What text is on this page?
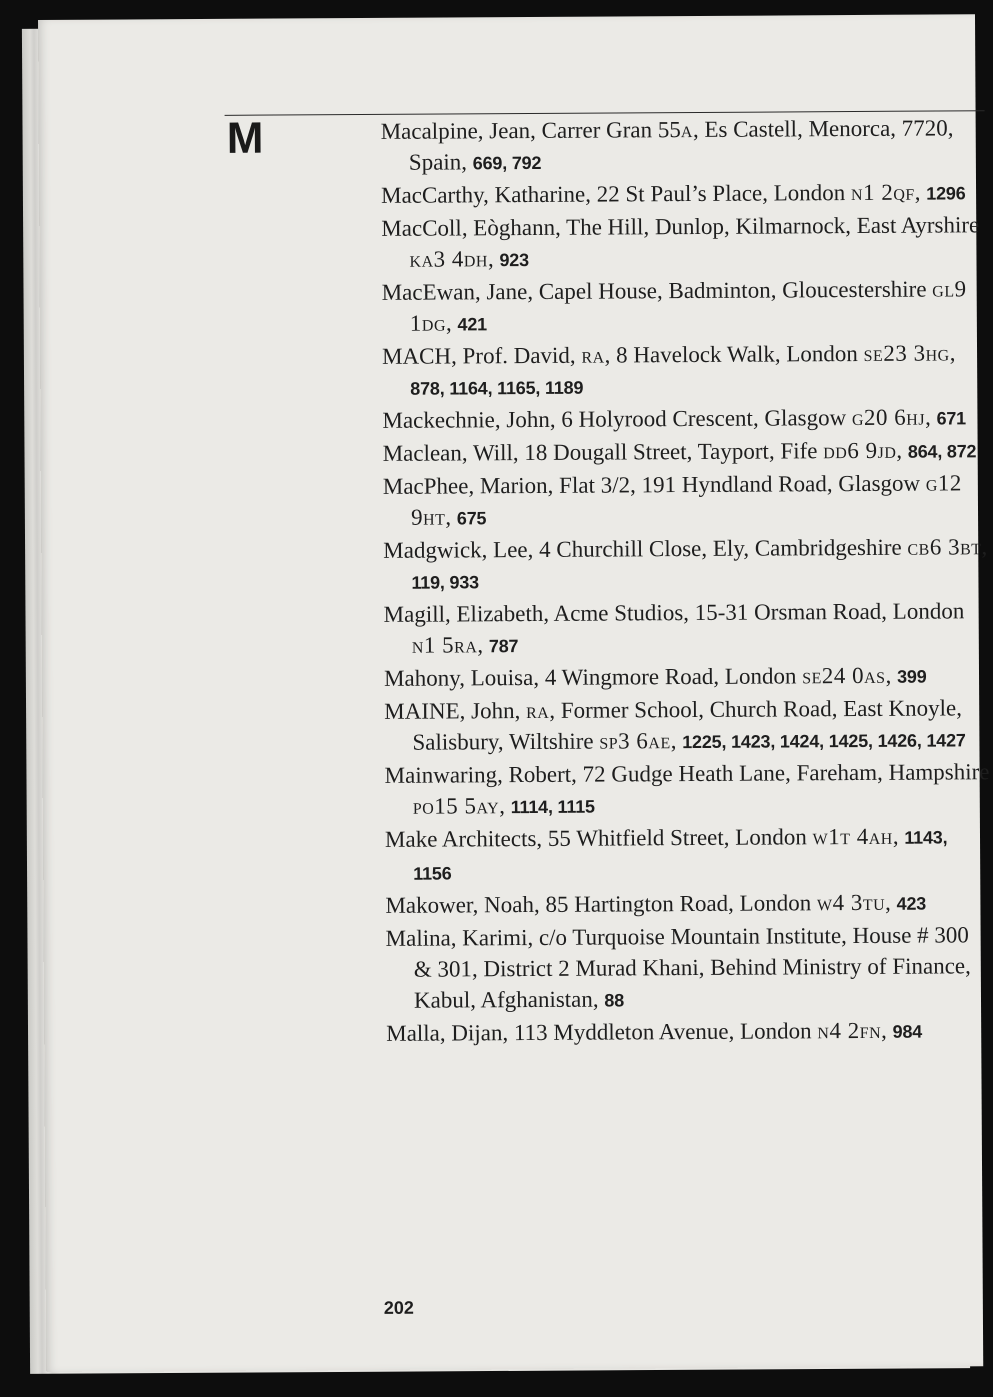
M	Macalpine, Jean, Carrer Gran 55a, Es Castell, Menorca, 7720, Spain, 669, 792
MacCarthy, Katharine, 22 St Paul’s Place, London n1 2qf, 1296
MacColl, Eòghann, The Hill, Dunlop, Kilmarnock, East Ayrshire ka3 4dh, 923
MacEwan, Jane, Capel House, Badminton, Gloucestershire gl9 1dg, 421
MACH, Prof. David, ra, 8 Havelock Walk, London se23 3hg, 878, 1164, 1165, 1189
Mackechnie, John, 6 Holyrood Crescent, Glasgow g20 6hj, 671
Maclean, Will, 18 Dougall Street, Tayport, Fife dd6 9jd, 864, 872
MacPhee, Marion, Flat 3/2, 191 Hyndland Road, Glasgow g12 9ht, 675
Madgwick, Lee, 4 Churchill Close, Ely, Cambridgeshire cb6 3bt, 119, 933
Magill, Elizabeth, Acme Studios, 15-31 Orsman Road, London n1 5ra, 787
Mahony, Louisa, 4 Wingmore Road, London se24 0as, 399
MAINE, John, ra, Former School, Church Road, East Knoyle, Salisbury, Wiltshire sp3 6ae, 1225, 1423, 1424, 1425, 1426, 1427
Mainwaring, Robert, 72 Gudge Heath Lane, Fareham, Hampshire po15 5ay, 1114, 1115
Make Architects, 55 Whitfield Street, London w1t 4ah, 1143, 1156
Makower, Noah, 85 Hartington Road, London w4 3tu, 423
Malina, Karimi, c/o Turquoise Mountain Institute, House # 300 & 301, District 2 Murad Khani, Behind Ministry of Finance, Kabul, Afghanistan, 88
Malla, Dijan, 113 Myddleton Avenue, London n4 2fn, 984
202
